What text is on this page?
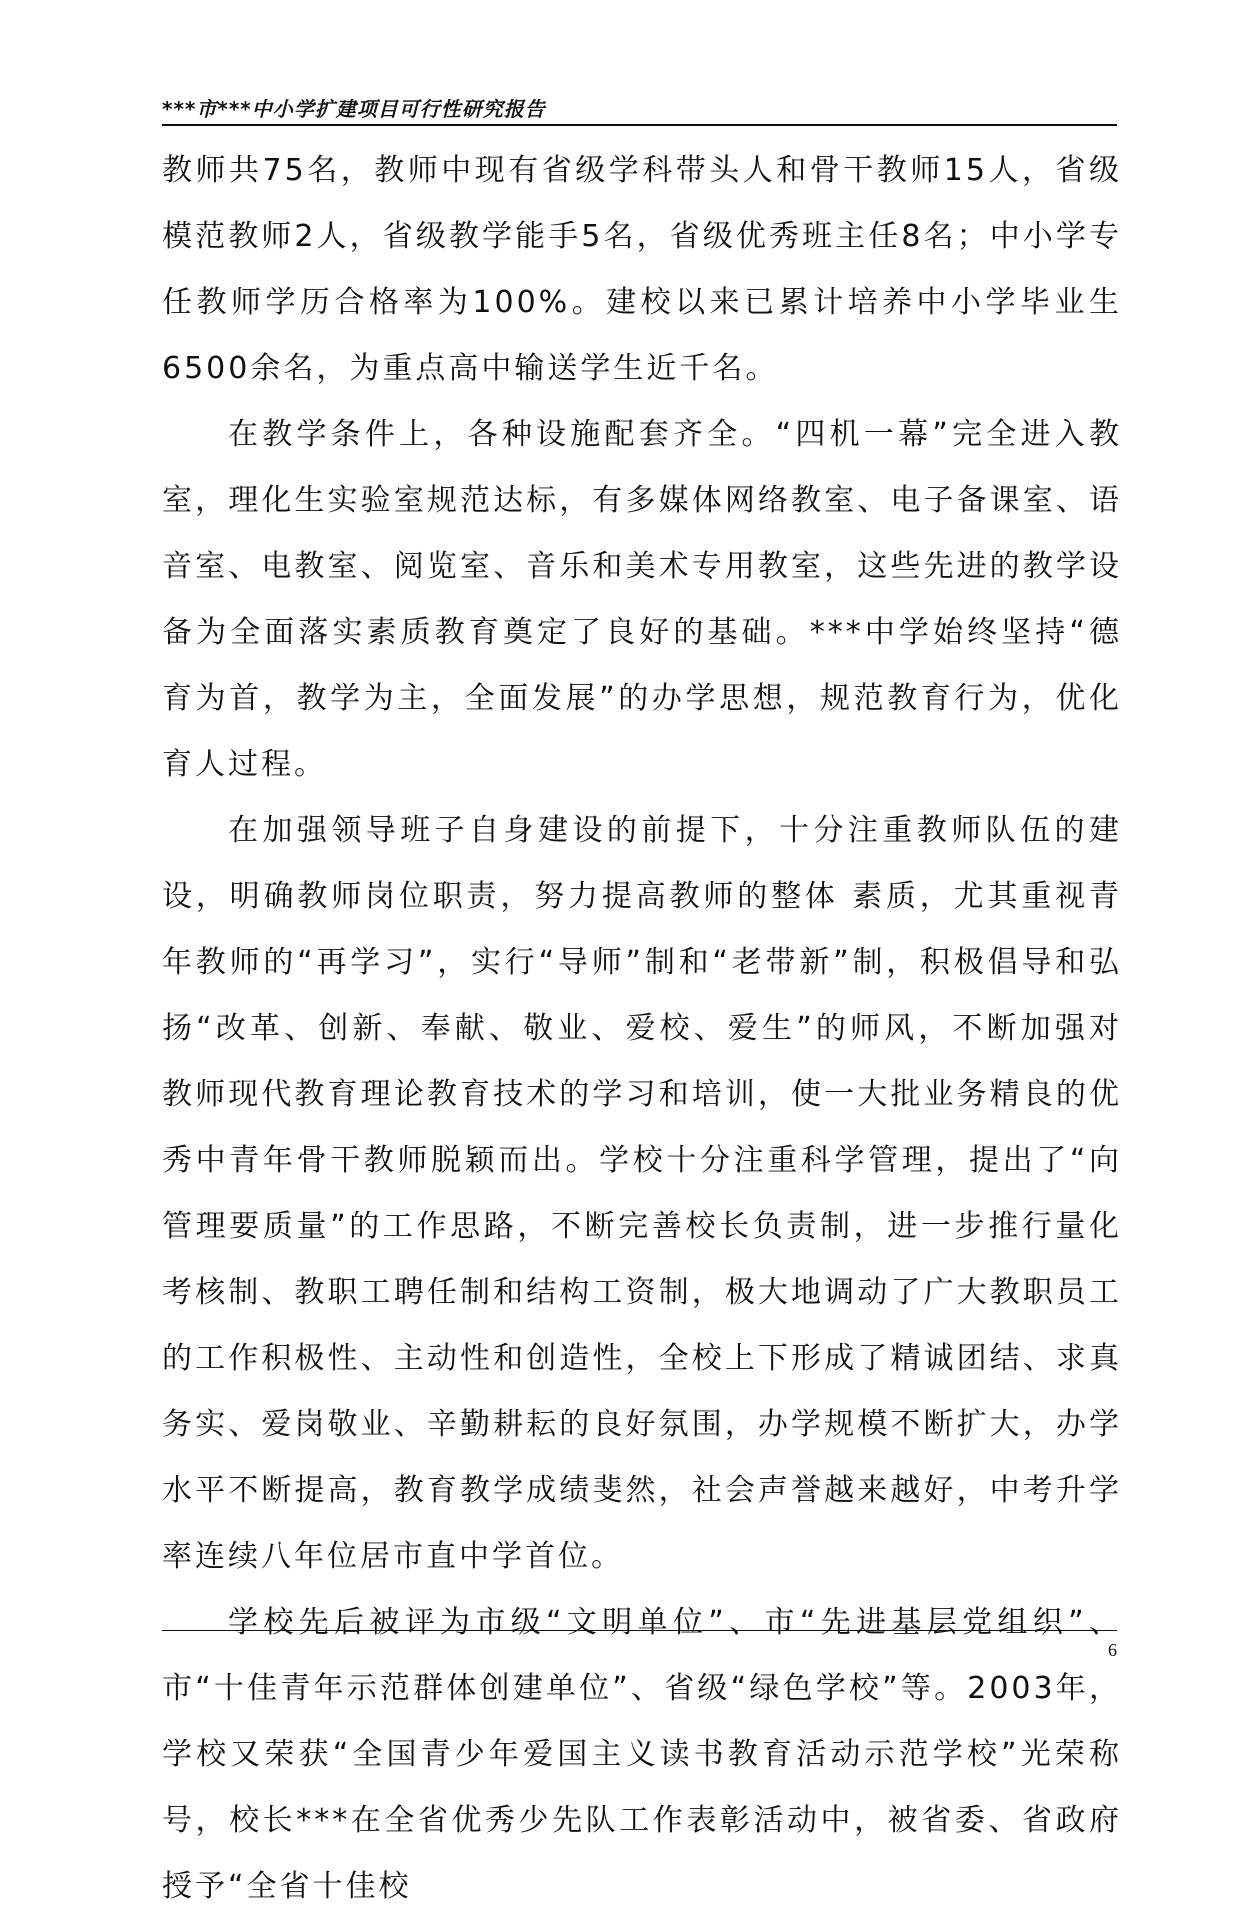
***市***中小学扩建项目可行性研究报告

教师共75名，教师中现有省级学科带头人和骨干教师15人，省级模范教师2人，省级教学能手5名，省级优秀班主任8名；中小学专任教师学历合格率为100%。建校以来已累计培养中小学毕业生6500余名，为重点高中输送学生近千名。

在教学条件上，各种设施配套齐全。“四机一幕”完全进入教室，理化生实验室规范达标，有多媒体网络教室、电子备课室、语音室、电教室、阅览室、音乐和美术专用教室，这些先进的教学设备为全面落实素质教育奠定了良好的基础。***中学始终坚持“德育为首，教学为主，全面发展”的办学思想，规范教育行为，优化育人过程。

在加强领导班子自身建设的前提下，十分注重教师队伍的建设，明确教师岗位职责，努力提高教师的整体 素质，尤其重视青年教师的“再学习”，实行“导师”制和“老带新”制，积极倡导和弘扬“改革、创新、奉献、敬业、爱校、爱生”的师风，不断加强对教师现代教育理论教育技术的学习和培训，使一大批业务精良的优秀中青年骨干教师脱颖而出。学校十分注重科学管理，提出了“向管理要质量”的工作思路，不断完善校长负责制，进一步推行量化考核制、教职工聘任制和结构工资制，极大地调动了广大教职员工的工作积极性、主动性和创造性，全校上下形成了精诚团结、求真务实、爱岗敬业、辛勤耕耘的良好氛围，办学规模不断扩大，办学水平不断提高，教育教学成绩斐然，社会声誉越来越好，中考升学率连续八年位居市直中学首位。

学校先后被评为市级“文明单位”、市“先进基层党组织”、市“十佳青年示范群体创建单位”、省级“绿色学校”等。2003年，学校又荣获“全国青少年爱国主义读书教育活动示范学校”光荣称号，校长***在全省优秀少先队工作表彰活动中，被省委、省政府授予“全省十佳校

6
